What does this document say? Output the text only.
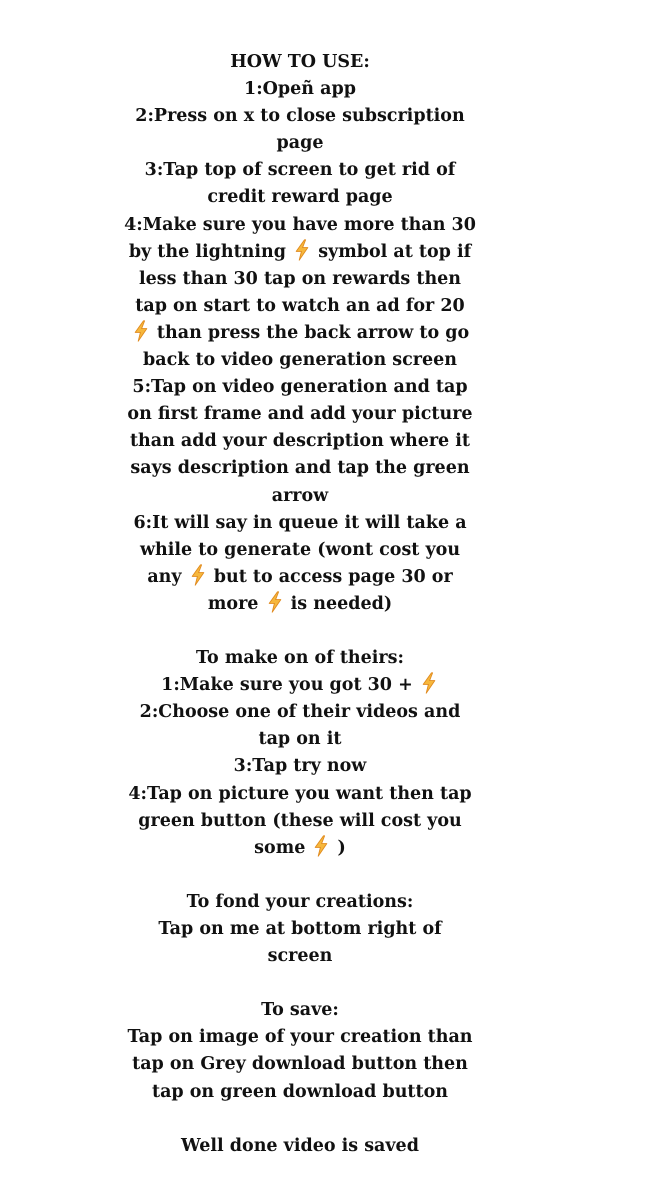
HOW TO USE:
1:Opeñ app
2:Press on x to close subscription
page
3:Tap top of screen to get rid of
credit reward page
4:Make sure you have more than 30
by the lightning
symbol at top if
less than 30 tap on rewards then
tap on start to watch an ad for 20
than press the back arrow to go
back to video generation screen
5:Tap on video generation and tap
on first frame and add your picture
than add your description where it
says description and tap the green
arrow
6:It will say in queue it will take a
while to generate (wont cost you
any
but to access page 30 or
more
is needed)
To make on of theirs:
1:Make sure you got 30 +
2:Choose one of their videos and
tap on it
3:Tap try now
4:Tap on picture you want then tap
green button (these will cost you
some
)
To fond your creations:
Tap on me at bottom right of
screen
To save:
Tap on image of your creation than
tap on Grey download button then
tap on green download button
Well done video is saved
